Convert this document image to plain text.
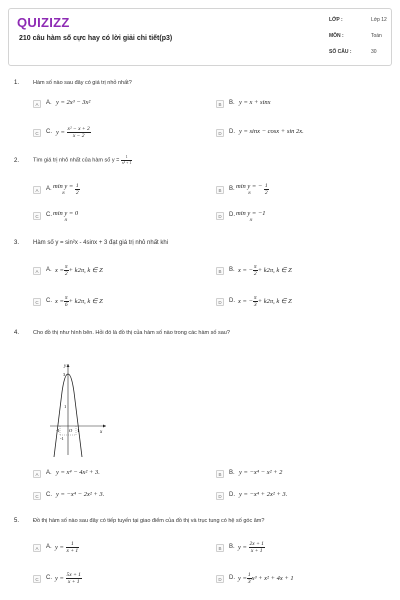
QUIZIZZ
210 câu hàm số cực hay có lời giải chi tiết(p3)
LỚP :	Lớp 12
MÔN :	Toán
SỐ CÂU :	30
1.	Hàm số nào sau đây có giá trị nhỏ nhất?
A	A. y = 2x³ − 3x²	B	B. y = x + sinx
C	C. $y = \frac{\text{x² − x + 2}}{x - 2}$	D	D. y = sinx − cosx + sin 2x.
2.	Tìm giá trị nhỏ nhất của hàm số $y = \frac{1}{\text{x² + 1}}$
A	A. min y =
ℝ $\frac{1}{2}$	B	B. min y = −
ℝ $\frac{1}{2}$
C	C. min y = 0
ℝ
D	D. min y = −1
ℝ
3. Hàm số y = sin²x - 4sinx + 3 đạt giá trị nhỏ nhất khi
A	A. $x = \frac{\pi}{2} + k2\pi$, k ∈ Z	B	B. x = − $\frac{\pi}{2} + k2\pi$, k ∈ Z
C	C. $x = \frac{\pi}{6} + k2\pi$, k ∈ Z	D	D. x = − $\frac{\pi}{3} + k2\pi$, k ∈ Z
4.	Cho đồ thị như hình bên. Hỏi đó là đồ thị của hàm số nào trong các hàm số sau?
y
x
O
3
1
-1
-1	1
A	A. y = x⁴ − 4x² + 3.	B	B. y = −x⁴ − x² + 2
C	C. y = −x⁴ − 2x² + 3.	D	D. y = −x⁴ + 2x² + 3.
5.	Đồ thị hàm số nào sau đây có tiếp tuyến tại giao điểm của đồ thị và trục tung có hệ số góc âm?
A	A. $y = \frac{1}{x + 1}$	B	B. $y = \frac{2x + 1}{x + 1}$
C	C. $y = \frac{5x + 1}{x + 1}$	D	D. $y = \frac{1}{3} x^3 + x^2 + 4x + 1$
